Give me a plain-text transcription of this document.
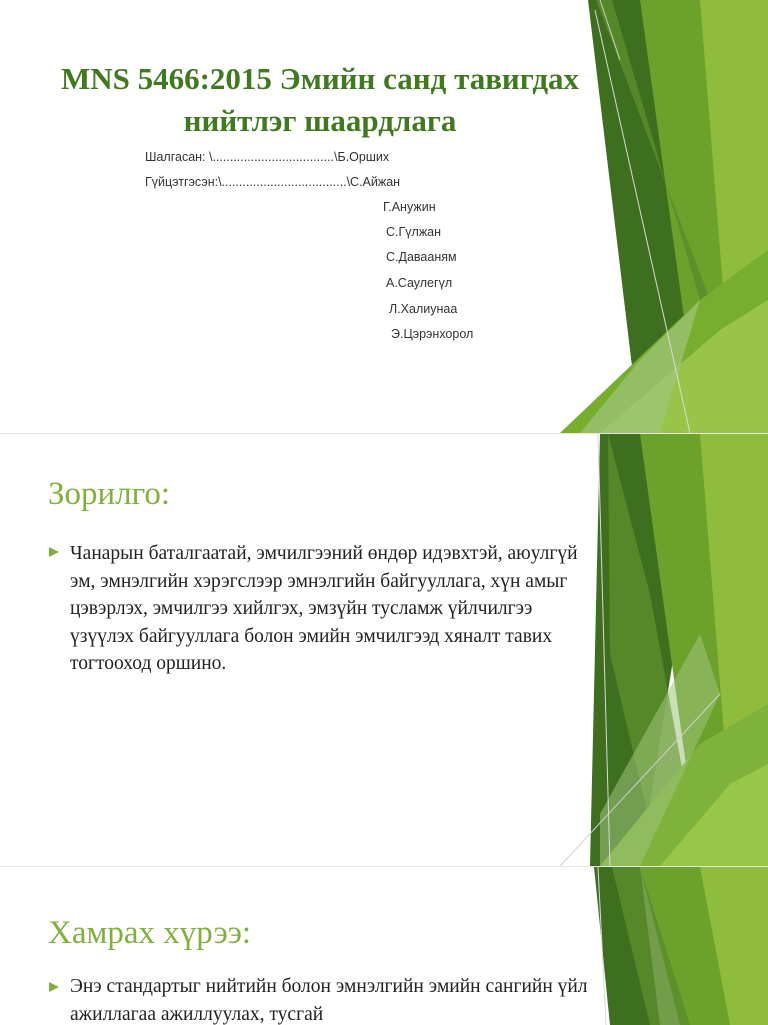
MNS 5466:2015 Эмийн санд тавигдах нийтлэг шаардлага
Шалгасан: \...................................\Б.Орших
Гүйцэтгэсэн:\....................................\С.Айжан
Г.Анужин
С.Гүлжан
С.Давааням
А.Саулегүл
Л.Халиунаа
Э.Цэрэнхорол
Зорилго:

Чанарын баталгаатай, эмчилгээний өндөр идэвхтэй, аюулгүй эм, эмнэлгийн хэрэгслээр эмнэлгийн байгууллага, хүн амыг цэвэрлэх, эмчилгээ хийлгэх, эмзүйн тусламж үйлчилгээ үзүүлэх байгууллага болон эмийн эмчилгээд хяналт тавих тогтооход оршино.

Хамрах хүрээ:

Энэ стандартыг нийтийн болон эмнэлгийн эмийн сангийн үйл ажиллагаа ажиллуулах, тусгай
